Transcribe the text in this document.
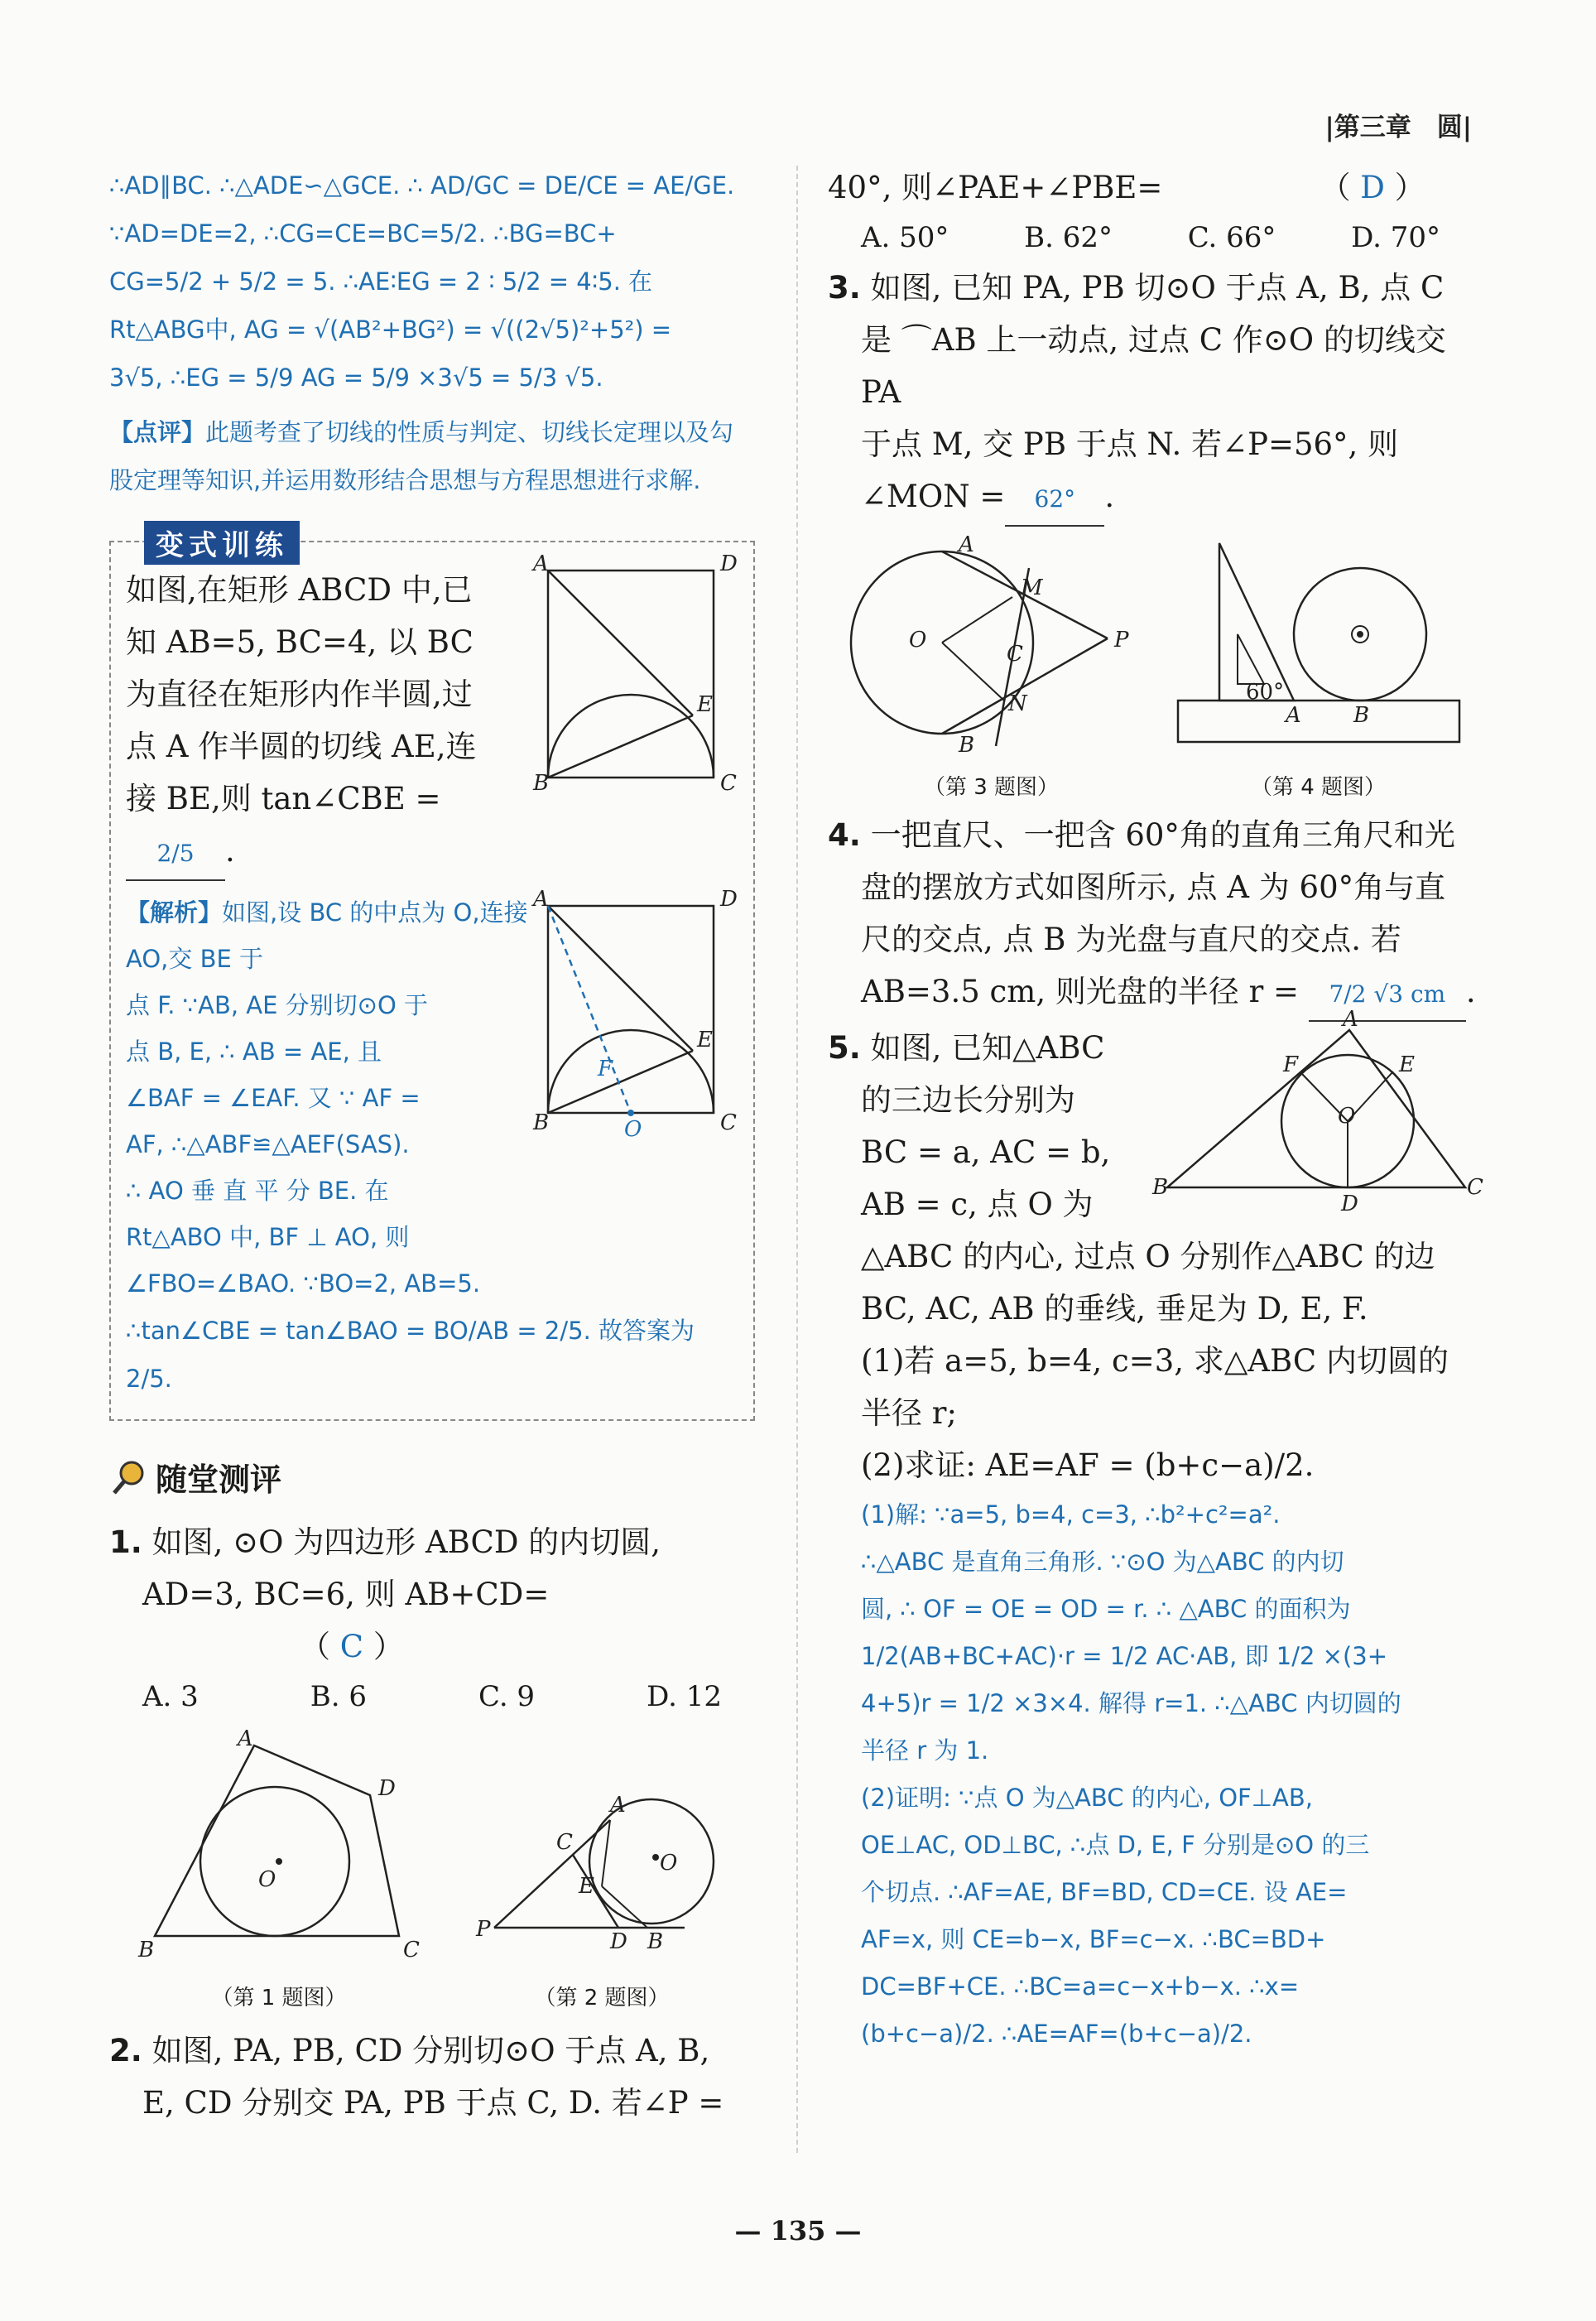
|第三章　圆|

∴AD∥BC. ∴△ADE∽△GCE. ∴ AD/GC = DE/CE = AE/GE.

∵AD=DE=2, ∴CG=CE=BC=5/2. ∴BG=BC+

CG=5/2 + 5/2 = 5. ∴AE∶EG = 2 ∶ 5/2 = 4∶5. 在

Rt△ABG中, AG = √(AB²+BG²) = √((2√5)²+5²) =

3√5, ∴EG = 5/9 AG = 5/9 ×3√5 = 5/3 √5.

【点评】此题考查了切线的性质与判定、切线长定理以及勾股定理等知识,并运用数形结合思想与方程思想进行求解.
变式训练

如图,在矩形 ABCD 中,已

知 AB=5, BC=4, 以 BC

为直径在矩形内作半圆,过

点 A 作半圆的切线 AE,连

接 BE,则 tan∠CBE =

2/5 .

A	D
B	C
E

【解析】如图,设 BC 的中点为 O,连接 AO,交 BE 于

点 F. ∵AB, AE 分别切⊙O 于

点 B, E, ∴ AB = AE, 且

∠BAF = ∠EAF. 又 ∵ AF =

AF, ∴△ABF≌△AEF(SAS).

∴ AO 垂 直 平 分 BE. 在

Rt△ABO 中, BF ⊥ AO, 则

∠FBO=∠BAO. ∵BO=2, AB=5.

A	D
B	C
E
F
O
∴tan∠CBE = tan∠BAO = BO/AB = 2/5. 故答案为 2/5.
随堂测评

1. 如图, ⊙O 为四边形 ABCD 的内切圆,

AD=3, BC=6, 则 AB+CD=（ C ）

A. 3	B. 6	C. 9	D. 12
A
D
B	C
O
（第 1 题图）
P
A
C
E
O
D B
（第 2 题图）

2. 如图, PA, PB, CD 分别切⊙O 于点 A, B,

E, CD 分别交 PA, PB 于点 C, D. 若∠P =

40°, 则∠PAE+∠PBE=	（ D ）

A. 50°	B. 62°	C. 66°	D. 70°

3. 如图, 已知 PA, PB 切⊙O 于点 A, B, 点 C

是 ⌒AB 上一动点, 过点 C 作⊙O 的切线交 PA

于点 M, 交 PB 于点 N. 若∠P=56°, 则

∠MON = 62° .

A
M
O
C
P
B
N
（第 3 题图）
60°
A B
（第 4 题图）

4. 一把直尺、一把含 60°角的直角三角尺和光

盘的摆放方式如图所示, 点 A 为 60°角与直

尺的交点, 点 B 为光盘与直尺的交点. 若

AB=3.5 cm, 则光盘的半径 r = 7/2 √3 cm .

5. 如图, 已知△ABC

的三边长分别为

BC = a, AC = b,

AB = c, 点 O 为

A
F	E
O
B	C
D

△ABC 的内心, 过点 O 分别作△ABC 的边

BC, AC, AB 的垂线, 垂足为 D, E, F.

(1)若 a=5, b=4, c=3, 求△ABC 内切圆的

半径 r;

(2)求证: AE=AF = (b+c−a)/2.

(1)解: ∵a=5, b=4, c=3, ∴b²+c²=a².

∴△ABC 是直角三角形. ∵⊙O 为△ABC 的内切

圆, ∴ OF = OE = OD = r. ∴ △ABC 的面积为

1/2(AB+BC+AC)·r = 1/2 AC·AB, 即 1/2 ×(3+

4+5)r = 1/2 ×3×4. 解得 r=1. ∴△ABC 内切圆的

半径 r 为 1.

(2)证明: ∵点 O 为△ABC 的内心, OF⊥AB,

OE⊥AC, OD⊥BC, ∴点 D, E, F 分别是⊙O 的三

个切点. ∴AF=AE, BF=BD, CD=CE. 设 AE=

AF=x, 则 CE=b−x, BF=c−x. ∴BC=BD+

DC=BF+CE. ∴BC=a=c−x+b−x. ∴x=

(b+c−a)/2. ∴AE=AF=(b+c−a)/2.

— 135 —
